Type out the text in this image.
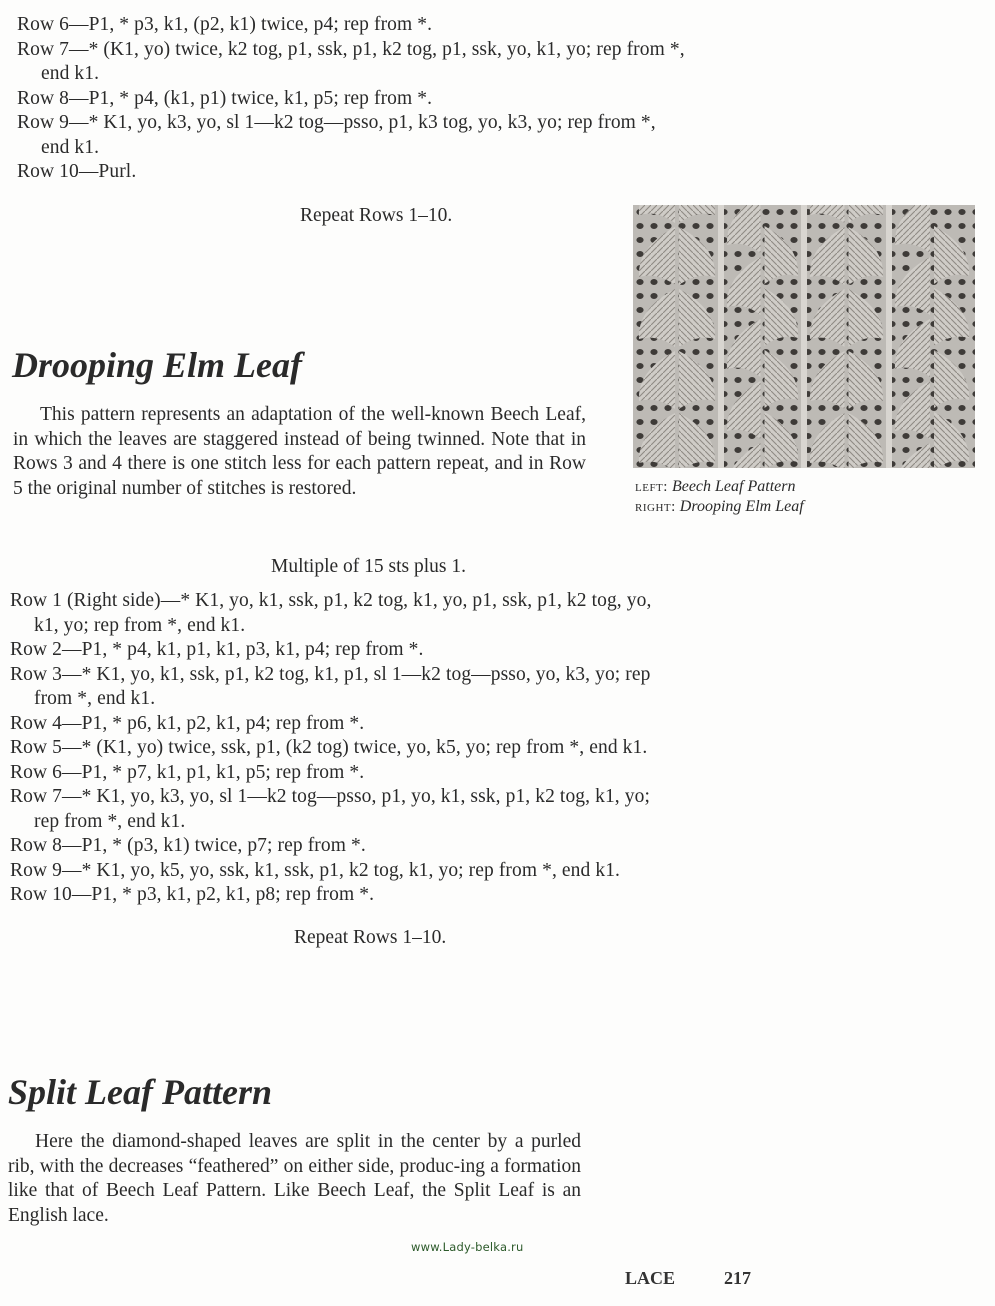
Row 6—P1, * p3, k1, (p2, k1) twice, p4; rep from *.
Row 7—* (K1, yo) twice, k2 tog, p1, ssk, p1, k2 tog, p1, ssk, yo, k1, yo; rep from *,
end k1.
Row 8—P1, * p4, (k1, p1) twice, k1, p5; rep from *.
Row 9—* K1, yo, k3, yo, sl 1—k2 tog—psso, p1, k3 tog, yo, k3, yo; rep from *,
end k1.
Row 10—Purl.
Repeat Rows 1–10.
left: Beech Leaf Pattern
right: Drooping Elm Leaf
Drooping Elm Leaf
This pattern represents an adaptation of the well-known Beech Leaf, in which the leaves are staggered instead of being twinned. Note that in Rows 3 and 4 there is one stitch less for each pattern repeat, and in Row 5 the original number of stitches is restored.
Multiple of 15 sts plus 1.
Row 1 (Right side)—* K1, yo, k1, ssk, p1, k2 tog, k1, yo, p1, ssk, p1, k2 tog, yo,
k1, yo; rep from *, end k1.
Row 2—P1, * p4, k1, p1, k1, p3, k1, p4; rep from *.
Row 3—* K1, yo, k1, ssk, p1, k2 tog, k1, p1, sl 1—k2 tog—psso, yo, k3, yo; rep
from *, end k1.
Row 4—P1, * p6, k1, p2, k1, p4; rep from *.
Row 5—* (K1, yo) twice, ssk, p1, (k2 tog) twice, yo, k5, yo; rep from *, end k1.
Row 6—P1, * p7, k1, p1, k1, p5; rep from *.
Row 7—* K1, yo, k3, yo, sl 1—k2 tog—psso, p1, yo, k1, ssk, p1, k2 tog, k1, yo;
rep from *, end k1.
Row 8—P1, * (p3, k1) twice, p7; rep from *.
Row 9—* K1, yo, k5, yo, ssk, k1, ssk, p1, k2 tog, k1, yo; rep from *, end k1.
Row 10—P1, * p3, k1, p2, k1, p8; rep from *.
Repeat Rows 1–10.
Split Leaf Pattern
Here the diamond-shaped leaves are split in the center by a purled rib, with the decreases “feathered” on either side, produc-ing a formation like that of Beech Leaf Pattern. Like Beech Leaf, the Split Leaf is an English lace.
www.Lady-belka.ru
LACE	217
